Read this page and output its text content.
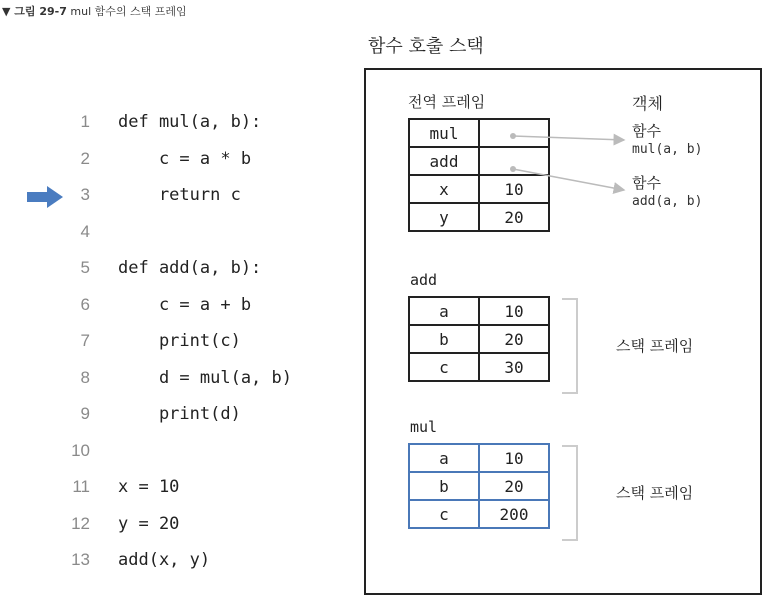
▼ 그림 29-7 mul 함수의 스택 프레임
1 def mul(a, b):
2 c = a * b
3 return c
4
5 def add(a, b):
6 c = a + b
7 print(c)
8 d = mul(a, b)
9 print(d)
10
11 x = 10
12 y = 20
13 add(x, y)
함수 호출 스택
전역 프레임
mul	
add	
x	10
y	20
객체
함수
mul(a, b)
함수
add(a, b)
add
a	10
b	20
c	30
스택 프레임
mul
a	10
b	20
c	200
스택 프레임
